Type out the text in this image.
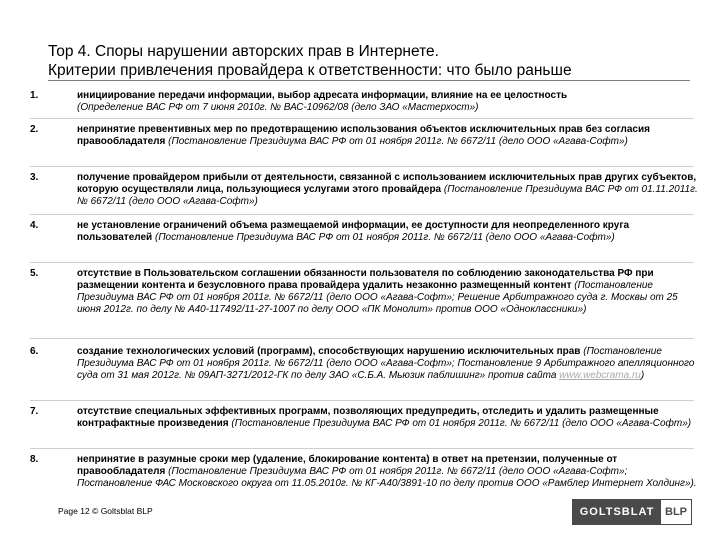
Тор 4. Споры нарушении авторских прав в Интернете.
Критерии привлечения провайдера к ответственности: что было раньше
1.	инициирование передачи информации, выбор адресата информации, влияние на ее целостность
(Определение ВАС РФ от 7 июня 2010г. № ВАС-10962/08 (дело ЗАО «Мастерхост»)
2.	непринятие превентивных мер по предотвращению использования объектов исключительных прав без согласия правообладателя (Постановление Президиума ВАС РФ от 01 ноября 2011г. № 6672/11 (дело ООО «Агава-Софт»)
3.	получение провайдером прибыли от деятельности, связанной с использованием исключительных прав других субъектов, которую осуществляли лица, пользующиеся услугами этого провайдера (Постановление Президиума ВАС РФ от 01.11.2011г. № 6672/11 (дело ООО «Агава-Софт»)
4.	не установление ограничений объема размещаемой информации, ее доступности для неопределенного круга пользователей (Постановление Президиума ВАС РФ от 01 ноября 2011г. № 6672/11 (дело ООО «Агава-Софт»)
5.	отсутствие в Пользовательском соглашении обязанности пользователя по соблюдению законодательства РФ при размещении контента и безусловного права провайдера удалить незаконно размещенный контент (Постановление Президиума ВАС РФ от 01 ноября 2011г. № 6672/11 (дело ООО «Агава-Софт»; Решение Арбитражного суда г. Москвы от 25 июня 2012г. по делу № А40-117492/11-27-1007 по делу ООО «ПК Монолит» против ООО «Одноклассники»)
6.	создание технологических условий (программ), способствующих нарушению исключительных прав (Постановление Президиума ВАС РФ от 01 ноября 2011г. № 6672/11 (дело ООО «Агава-Софт»; Постановление 9 Арбитражного апелляционного суда от 31 мая 2012г. № 09АП-3271/2012-ГК по делу ЗАО «С.Б.А. Мьюзик паблишинг» против сайта www.webcrama.ru)
7.	отсутствие специальных эффективных программ, позволяющих предупредить, отследить и удалить размещенные контрафактные произведения (Постановление Президиума ВАС РФ от 01 ноября 2011г. № 6672/11 (дело ООО «Агава-Софт»)
8.	непринятие в разумные сроки мер (удаление, блокирование контента) в ответ на претензии, полученные от правообладателя (Постановление Президиума ВАС РФ от 01 ноября 2011г. № 6672/11 (дело ООО «Агава-Софт»; Постановление ФАС Московского округа от 11.05.2010г. № КГ-А40/3891-10 по делу против ООО «Рамблер Интернет Холдинг»).
Page 12 © Goltsblat BLP	GOLTSBLAT BLP
